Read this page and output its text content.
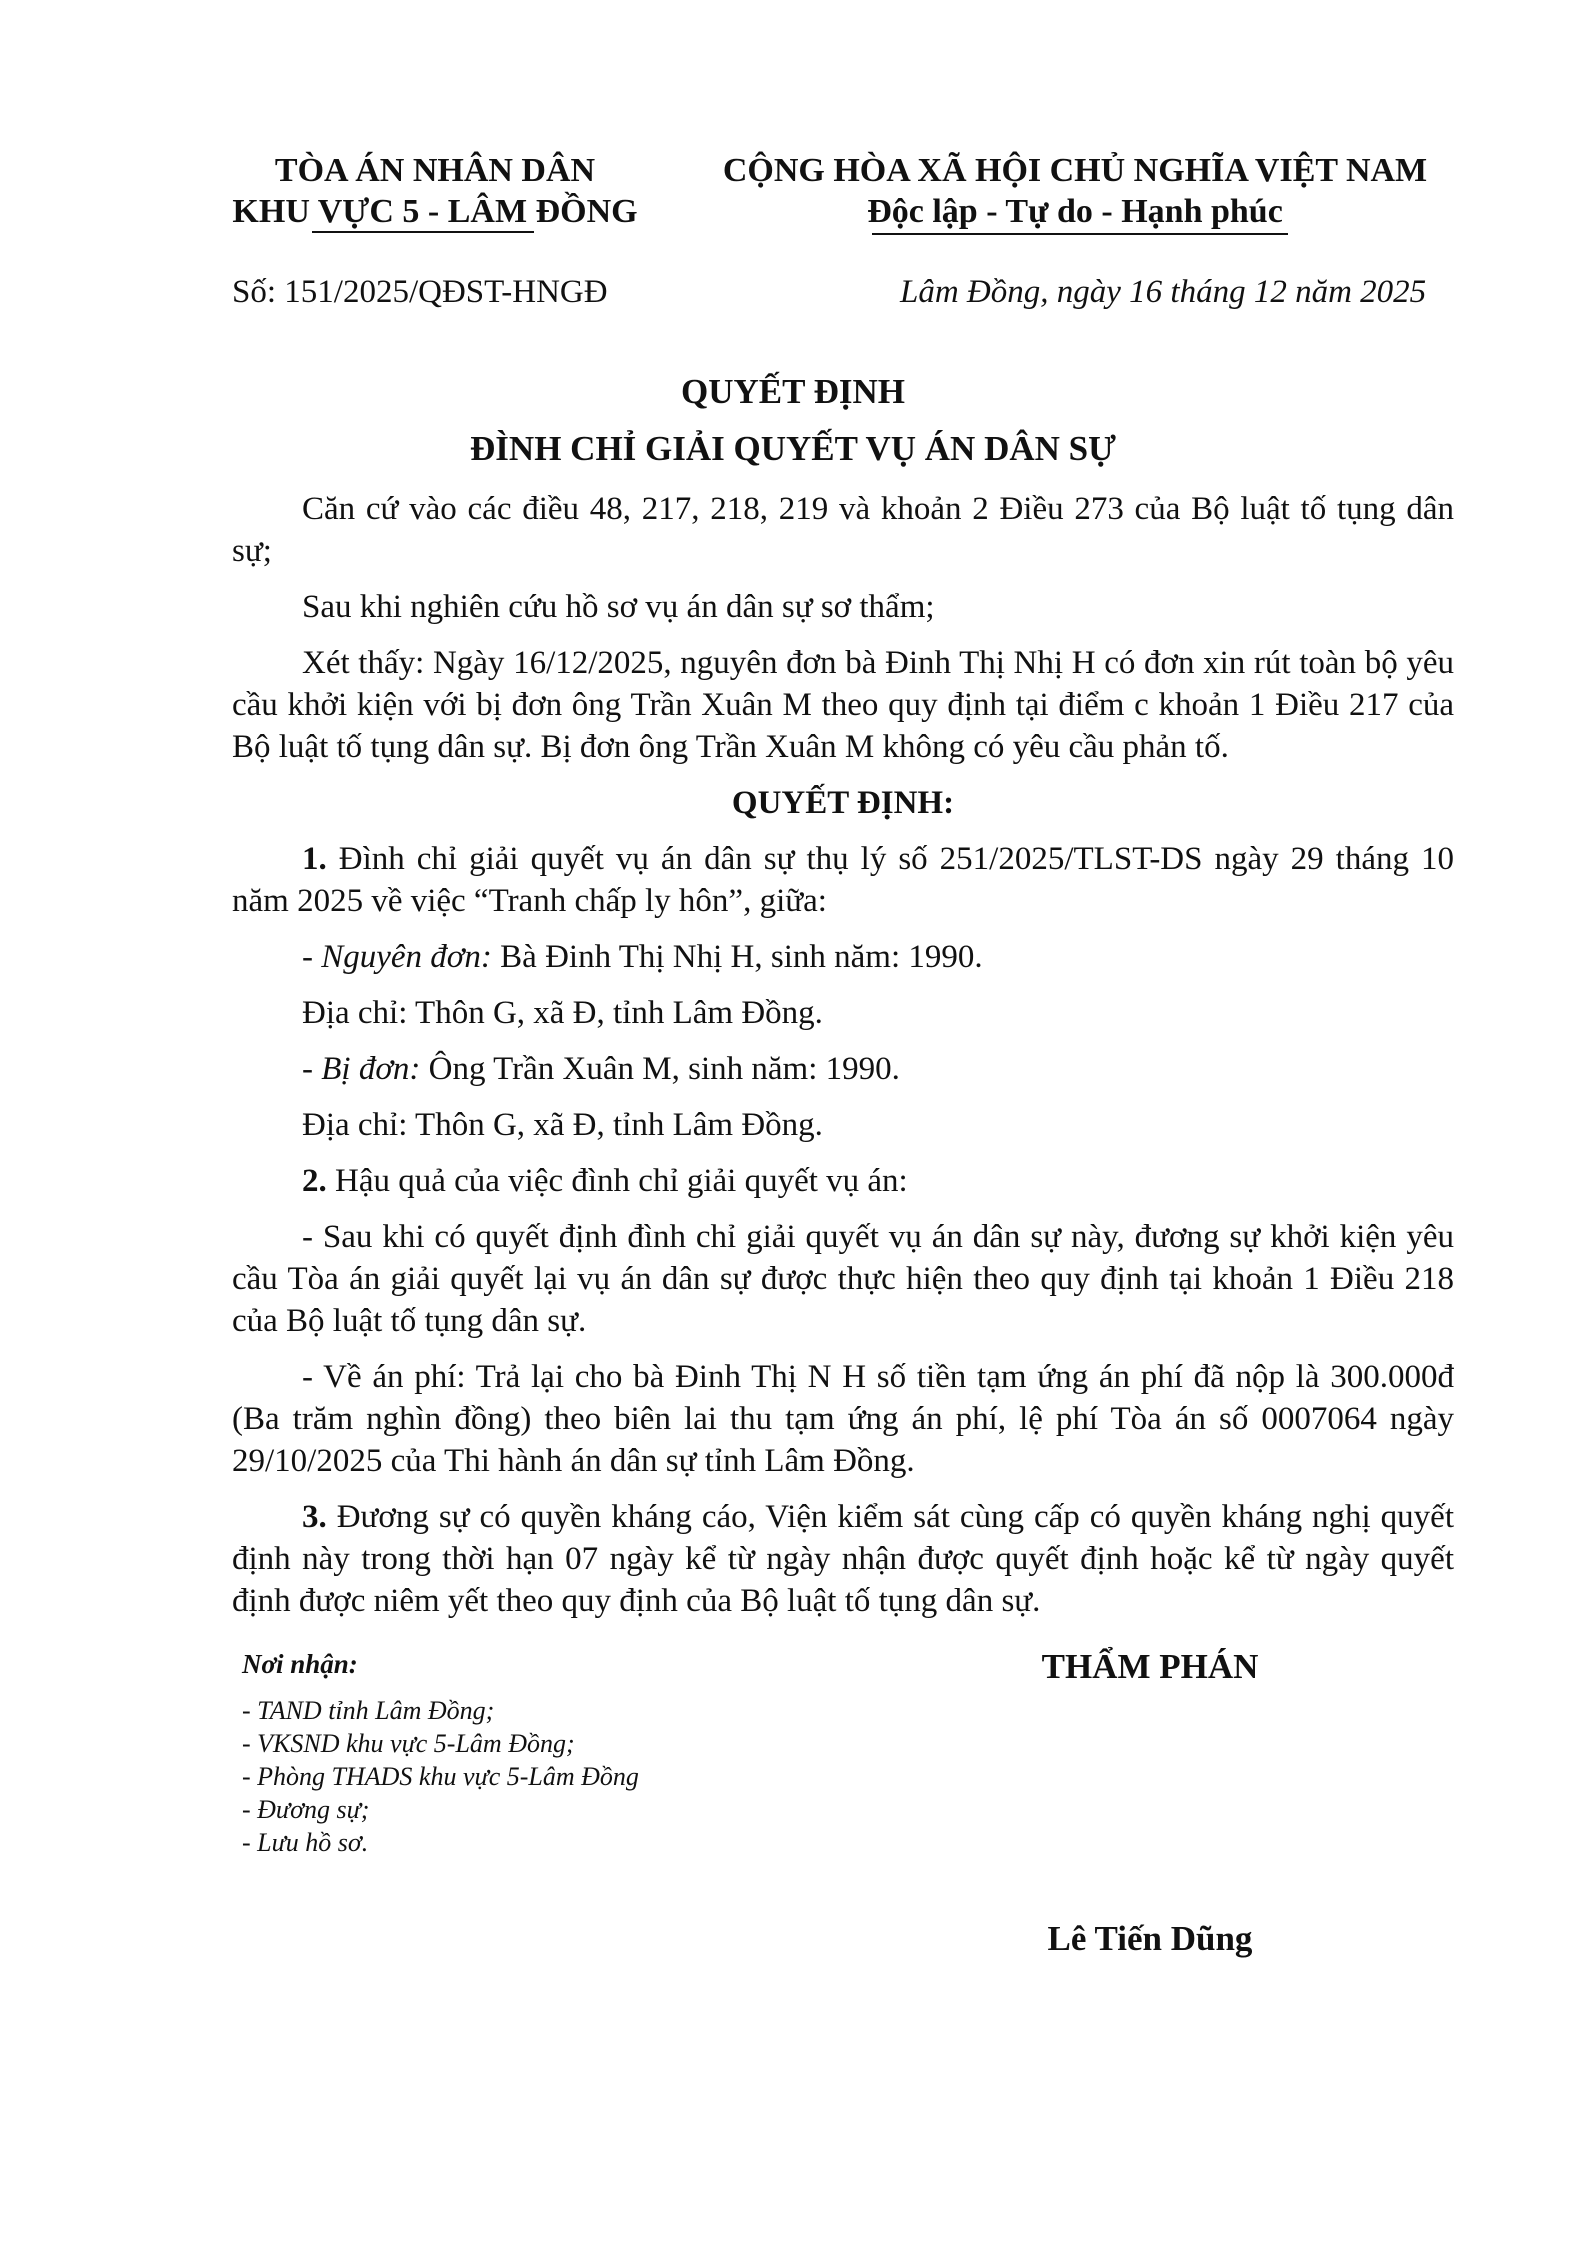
TÒA ÁN NHÂN DÂN
KHU VỰC 5 - LÂM ĐỒNG
CỘNG HÒA XÃ HỘI CHỦ NGHĨA VIỆT NAM
Độc lập - Tự do - Hạnh phúc
Số: 151/2025/QĐST-HNGĐ	Lâm Đồng, ngày 16 tháng 12 năm 2025
QUYẾT ĐỊNH
ĐÌNH CHỈ GIẢI QUYẾT VỤ ÁN DÂN SỰ

Căn cứ vào các điều 48, 217, 218, 219 và khoản 2 Điều 273 của Bộ luật tố tụng dân sự;

Sau khi nghiên cứu hồ sơ vụ án dân sự sơ thẩm;

Xét thấy: Ngày 16/12/2025, nguyên đơn bà Đinh Thị Nhị H có đơn xin rút toàn bộ yêu cầu khởi kiện với bị đơn ông Trần Xuân M theo quy định tại điểm c khoản 1 Điều 217 của Bộ luật tố tụng dân sự. Bị đơn ông Trần Xuân M không có yêu cầu phản tố.

QUYẾT ĐỊNH:

1. Đình chỉ giải quyết vụ án dân sự thụ lý số 251/2025/TLST-DS ngày 29 tháng 10 năm 2025 về việc “Tranh chấp ly hôn”, giữa:

- Nguyên đơn: Bà Đinh Thị Nhị H, sinh năm: 1990.

Địa chỉ: Thôn G, xã Đ, tỉnh Lâm Đồng.

- Bị đơn: Ông Trần Xuân M, sinh năm: 1990.

Địa chỉ: Thôn G, xã Đ, tỉnh Lâm Đồng.

2. Hậu quả của việc đình chỉ giải quyết vụ án:

- Sau khi có quyết định đình chỉ giải quyết vụ án dân sự này, đương sự khởi kiện yêu cầu Tòa án giải quyết lại vụ án dân sự được thực hiện theo quy định tại khoản 1 Điều 218 của Bộ luật tố tụng dân sự.

- Về án phí: Trả lại cho bà Đinh Thị N H số tiền tạm ứng án phí đã nộp là 300.000đ (Ba trăm nghìn đồng) theo biên lai thu tạm ứng án phí, lệ phí Tòa án số 0007064 ngày 29/10/2025 của Thi hành án dân sự tỉnh Lâm Đồng.

3. Đương sự có quyền kháng cáo, Viện kiểm sát cùng cấp có quyền kháng nghị quyết định này trong thời hạn 07 ngày kể từ ngày nhận được quyết định hoặc kể từ ngày quyết định được niêm yết theo quy định của Bộ luật tố tụng dân sự.

Nơi nhận:
- TAND tỉnh Lâm Đồng;
- VKSND khu vực 5-Lâm Đồng;
- Phòng THADS khu vực 5-Lâm Đồng
- Đương sự;
- Lưu hồ sơ.
THẨM PHÁN
Lê Tiến Dũng
